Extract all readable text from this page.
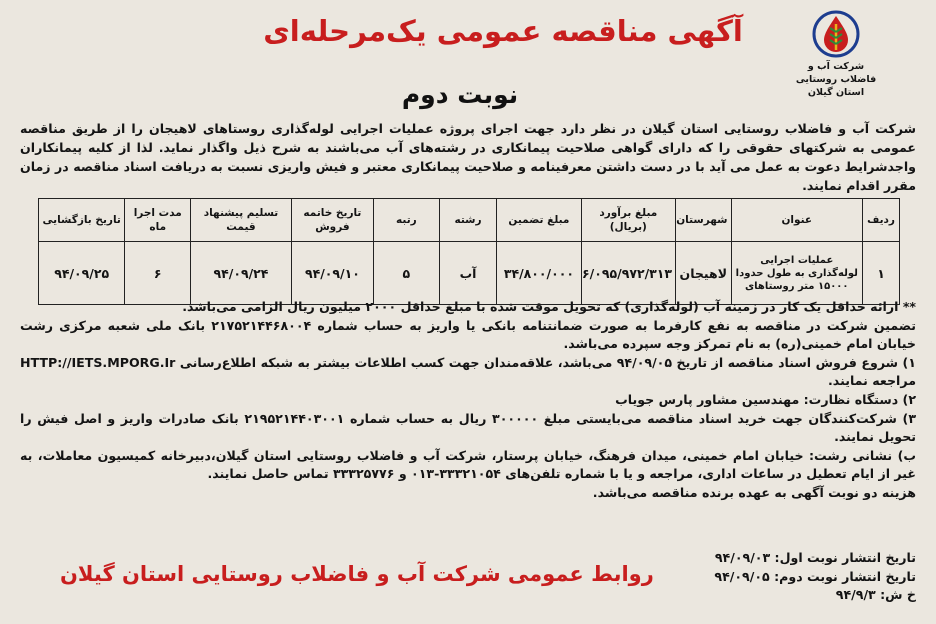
شرکت آب و فاضلاب روستایی
استان گیلان
آگهی مناقصه عمومی یک‌مرحله‌ای
نوبت دوم
شرکت آب و فاضلاب روستایی استان گیلان در نظر دارد جهت اجرای پروژه عملیات اجرایی لوله‌گذاری روستاهای لاهیجان را از طریق مناقصه عمومی به شرکتهای حقوقی را که دارای گواهی صلاحیت پیمانکاری در رشته‌های آب می‌باشند به شرح ذیل واگذار نماید. لذا از کلیه پیمانکاران واجدشرایط دعوت به عمل می آید با در دست داشتن معرفینامه و صلاحیت پیمانکاری معتبر و فیش واریزی نسبت به دریافت اسناد مناقصه در زمان مقرر اقدام نمایند.
ردیف	عنوان	شهرستان	مبلغ برآورد (بریال)	مبلغ تضمین	رشته	رتبه	تاریخ خاتمه فروش	تسلیم پیشنهاد قیمت	مدت اجرا ماه	تاریخ بازگشایی
۱	عملیات اجرایی لوله‌گذاری به طول حدودا ۱۵۰۰۰ متر روستاهای	لاهیجان	۶/۰۹۵/۹۷۲/۳۱۳	۳۴/۸۰۰/۰۰۰	آب	۵	۹۴/۰۹/۱۰	۹۴/۰۹/۲۴	۶	۹۴/۰۹/۲۵

** ارائه حداقل یک کار در زمینه آب (لوله‌گذاری) که تحویل موقت شده با مبلغ حداقل ۲۰۰۰ میلیون ریال الزامی می‌باشد.

تضمین شرکت در مناقصه به نفع کارفرما به صورت ضمانتنامه بانکی یا واریز به حساب شماره ۲۱۷۵۲۱۴۴۶۸۰۰۴ بانک ملی شعبه مرکزی رشت خیابان امام خمینی(ره) به نام تمرکز وجه سپرده می‌باشد.

۱) شروع فروش اسناد مناقصه از تاریخ ۹۴/۰۹/۰۵ می‌باشد، علاقه‌مندان جهت کسب اطلاعات بیشتر به شبکه اطلاع‌رسانی HTTP://IETS.MPORG.Ir مراجعه نمایند.

۲) دستگاه نظارت: مهندسین مشاور پارس جویاب

۳) شرکت‌کنندگان جهت خرید اسناد مناقصه می‌بایستی مبلغ ۳۰۰۰۰۰ ریال به حساب شماره ۲۱۹۵۲۱۴۴۰۳۰۰۱ بانک صادرات واریز و اصل فیش را تحویل نمایند.

ب) نشانی رشت: خیابان امام خمینی، میدان فرهنگ، خیابان پرستار، شرکت آب و فاضلاب روستایی استان گیلان،دبیرخانه کمیسیون معاملات، به غیر از ایام تعطیل در ساعات اداری، مراجعه و یا با شماره تلفن‌های ۳۳۳۲۱۰۵۴-۰۱۳ و ۳۳۳۲۵۷۷۶ تماس حاصل نمایند.

هزینه دو نوبت آگهی به عهده برنده مناقصه می‌باشد.

تاریخ انتشار نوبت اول: ۹۴/۰۹/۰۳

تاریخ انتشار نوبت دوم: ۹۴/۰۹/۰۵

خ ش: ۹۴/۹/۳

روابط عمومی شرکت آب و فاضلاب روستایی استان گیلان
